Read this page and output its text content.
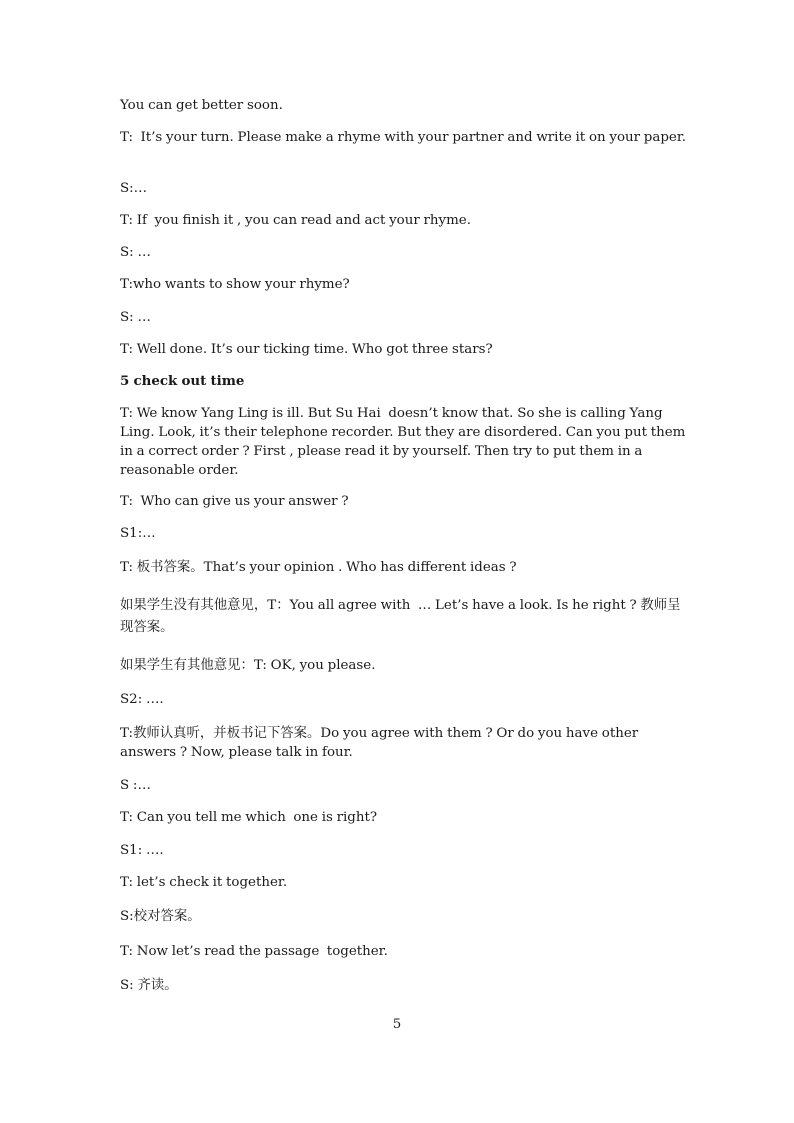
You can get better soon.

T:  It’s your turn. Please make a rhyme with your partner and write it on your paper.

S:…

T: If  you finish it , you can read and act your rhyme.

S: …

T:who wants to show your rhyme?

S: …

T: Well done. It’s our ticking time. Who got three stars?

5 check out time

T: We know Yang Ling is ill. But Su Hai  doesn’t know that. So she is calling Yang Ling. Look, it’s their telephone recorder. But they are disordered. Can you put them in a correct order ? First , please read it by yourself. Then try to put them in a reasonable order.

T:  Who can give us your answer ?

S1:…

T: 板书答案。That’s your opinion . Who has different ideas ?

如果学生没有其他意见，T：You all agree with  … Let’s have a look. Is he right ? 教师呈现答案。

如果学生有其他意见：T: OK, you please.

S2: ….

T:教师认真听，并板书记下答案。Do you agree with them ? Or do you have other answers ? Now, please talk in four.

S :…

T: Can you tell me which  one is right?

S1: ….

T: let’s check it together.

S:校对答案。

T: Now let’s read the passage  together.

S: 齐读。

5
